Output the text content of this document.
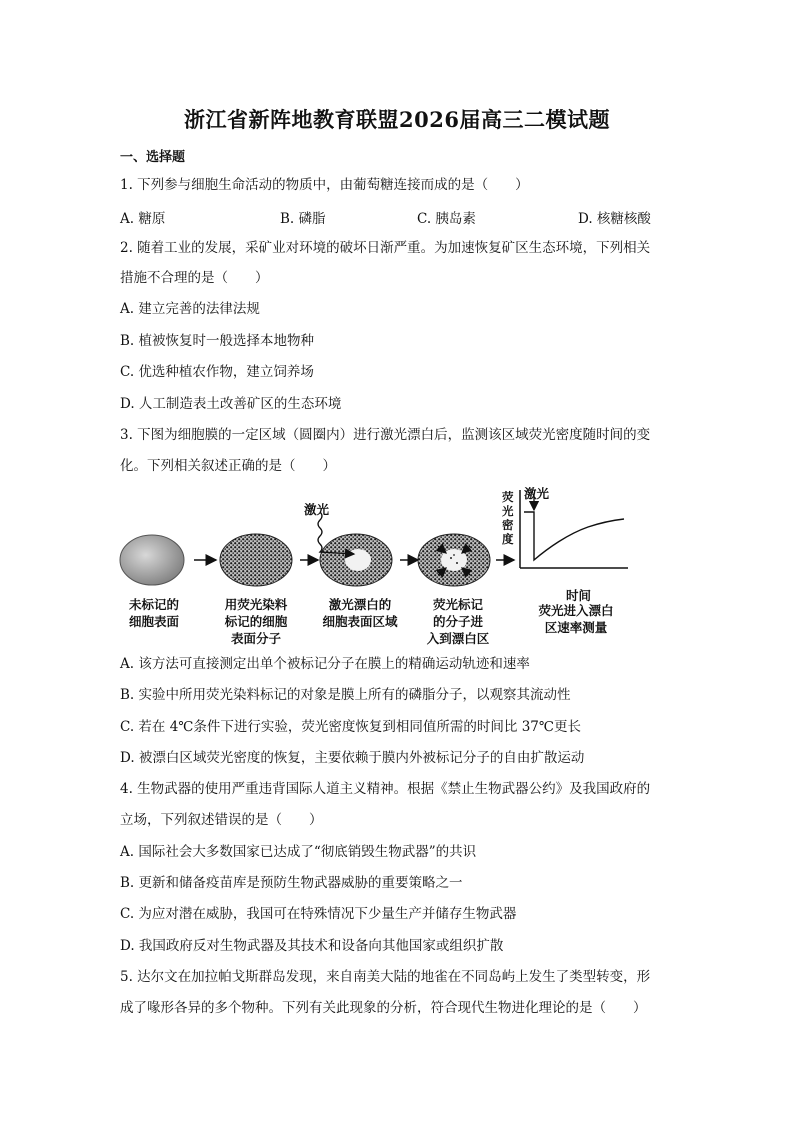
浙江省新阵地教育联盟2026届高三二模试题
一、选择题
1. 下列参与细胞生命活动的物质中，由葡萄糖连接而成的是（　　）
A. 糖原	B. 磷脂	C. 胰岛素	D. 核糖核酸
2. 随着工业的发展，采矿业对环境的破坏日渐严重。为加速恢复矿区生态环境，下列相关
措施不合理的是（　　）
A. 建立完善的法律法规
B. 植被恢复时一般选择本地物种
C. 优选种植农作物，建立饲养场
D. 人工制造表土改善矿区的生态环境
3. 下图为细胞膜的一定区域（圆圈内）进行激光漂白后，监测该区域荧光密度随时间的变
化。下列相关叙述正确的是（　　）
激光
激光
荧光密度
时间
未标记的
细胞表面
用荧光染料
标记的细胞
表面分子
激光漂白的
细胞表面区域
荧光标记
的分子进
入到漂白区
荧光进入漂白
区速率测量
A. 该方法可直接测定出单个被标记分子在膜上的精确运动轨迹和速率
B. 实验中所用荧光染料标记的对象是膜上所有的磷脂分子，以观察其流动性
C. 若在 4℃条件下进行实验，荧光密度恢复到相同值所需的时间比 37℃更长
D. 被漂白区域荧光密度的恢复，主要依赖于膜内外被标记分子的自由扩散运动
4. 生物武器的使用严重违背国际人道主义精神。根据《禁止生物武器公约》及我国政府的
立场，下列叙述错误的是（　　）
A. 国际社会大多数国家已达成了“彻底销毁生物武器”的共识
B. 更新和储备疫苗库是预防生物武器威胁的重要策略之一
C. 为应对潜在威胁，我国可在特殊情况下少量生产并储存生物武器
D. 我国政府反对生物武器及其技术和设备向其他国家或组织扩散
5. 达尔文在加拉帕戈斯群岛发现，来自南美大陆的地雀在不同岛屿上发生了类型转变，形
成了喙形各异的多个物种。下列有关此现象的分析，符合现代生物进化理论的是（　　）
